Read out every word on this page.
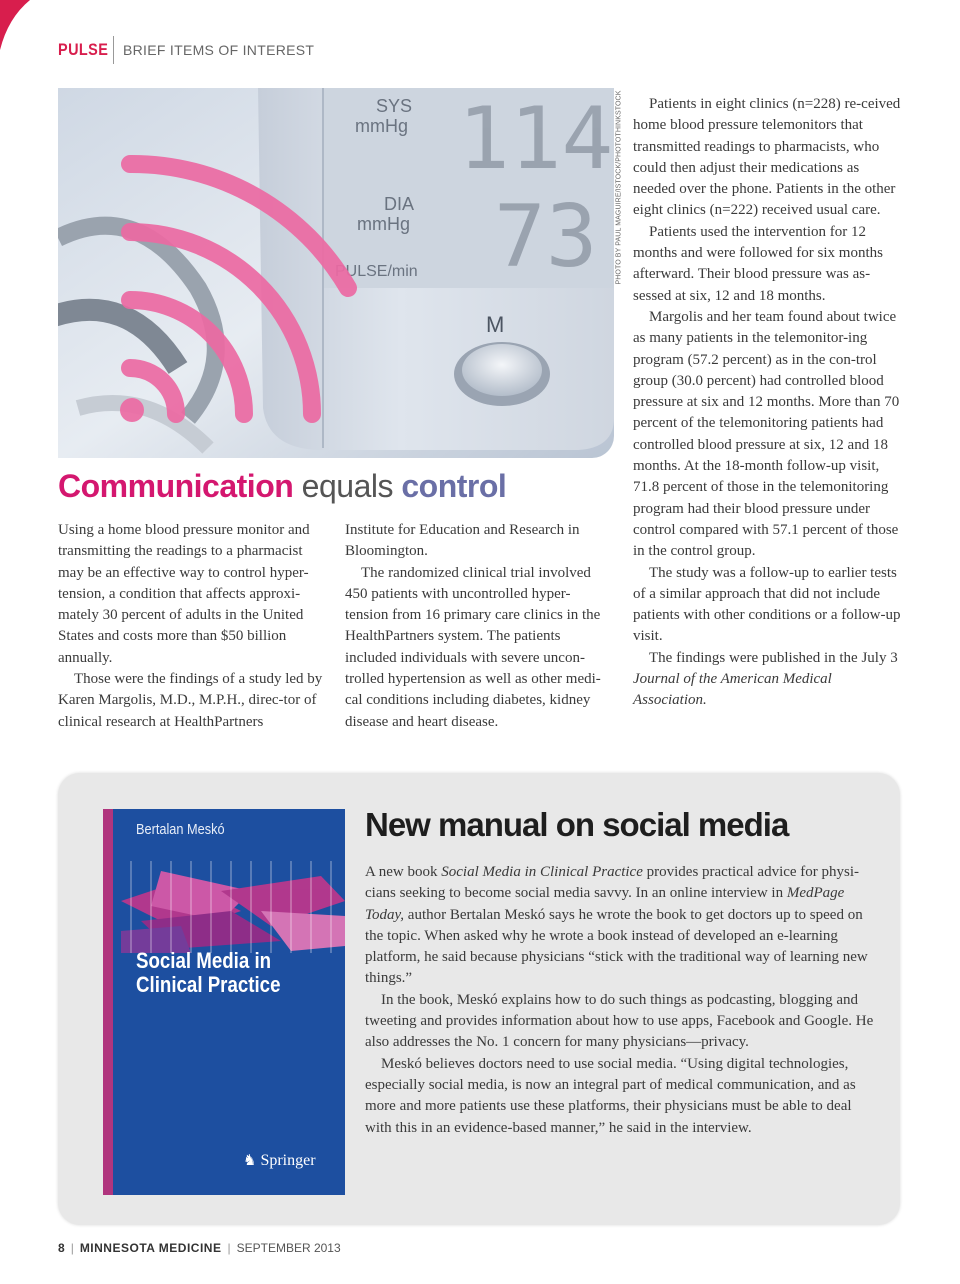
PULSE BRIEF ITEMS OF INTEREST
SYS
mmHg
DIA
mmHg
PULSE/min
114
73
M
PHOTO BY PAUL MAGUIRE/ISTOCK/PHOTOTHINKSTOCK
Communication equals control

Using a home blood pressure monitor and transmitting the readings to a pharmacist may be an effective way to control hyper-tension, a condition that affects approxi-mately 30 percent of adults in the United States and costs more than $50 billion annually.

Those were the findings of a study led by Karen Margolis, M.D., M.P.H., direc-tor of clinical research at HealthPartners

Institute for Education and Research in Bloomington.

The randomized clinical trial involved 450 patients with uncontrolled hyper-tension from 16 primary care clinics in the HealthPartners system. The patients included individuals with severe uncon-trolled hypertension as well as other medi-cal conditions including diabetes, kidney disease and heart disease.

Patients in eight clinics (n=228) re-ceived home blood pressure telemonitors that transmitted readings to pharmacists, who could then adjust their medications as needed over the phone. Patients in the other eight clinics (n=222) received usual care.

Patients used the intervention for 12 months and were followed for six months afterward. Their blood pressure was as-sessed at six, 12 and 18 months.

Margolis and her team found about twice as many patients in the telemonitor-ing program (57.2 percent) as in the con-trol group (30.0 percent) had controlled blood pressure at six and 12 months. More than 70 percent of the telemonitoring patients had controlled blood pressure at six, 12 and 18 months. At the 18-month follow-up visit, 71.8 percent of those in the telemonitoring program had their blood pressure under control compared with 57.1 percent of those in the control group.

The study was a follow-up to earlier tests of a similar approach that did not include patients with other conditions or a follow-up visit.

The findings were published in the July 3 Journal of the American Medical Association.

Bertalan Meskó
Social Media in
Clinical Practice
♞ Springer
New manual on social media

A new book Social Media in Clinical Practice provides practical advice for physi-cians seeking to become social media savvy. In an online interview in MedPage Today, author Bertalan Meskó says he wrote the book to get doctors up to speed on the topic. When asked why he wrote a book instead of developed an e-learning platform, he said because physicians “stick with the traditional way of learning new things.”

In the book, Meskó explains how to do such things as podcasting, blogging and tweeting and provides information about how to use apps, Facebook and Google. He also addresses the No. 1 concern for many physicians—privacy.

Meskó believes doctors need to use social media. “Using digital technologies, especially social media, is now an integral part of medical communication, and as more and more patients use these platforms, their physicians must be able to deal with this in an evidence-based manner,” he said in the interview.

8 | MINNESOTA MEDICINE | SEPTEMBER 2013
